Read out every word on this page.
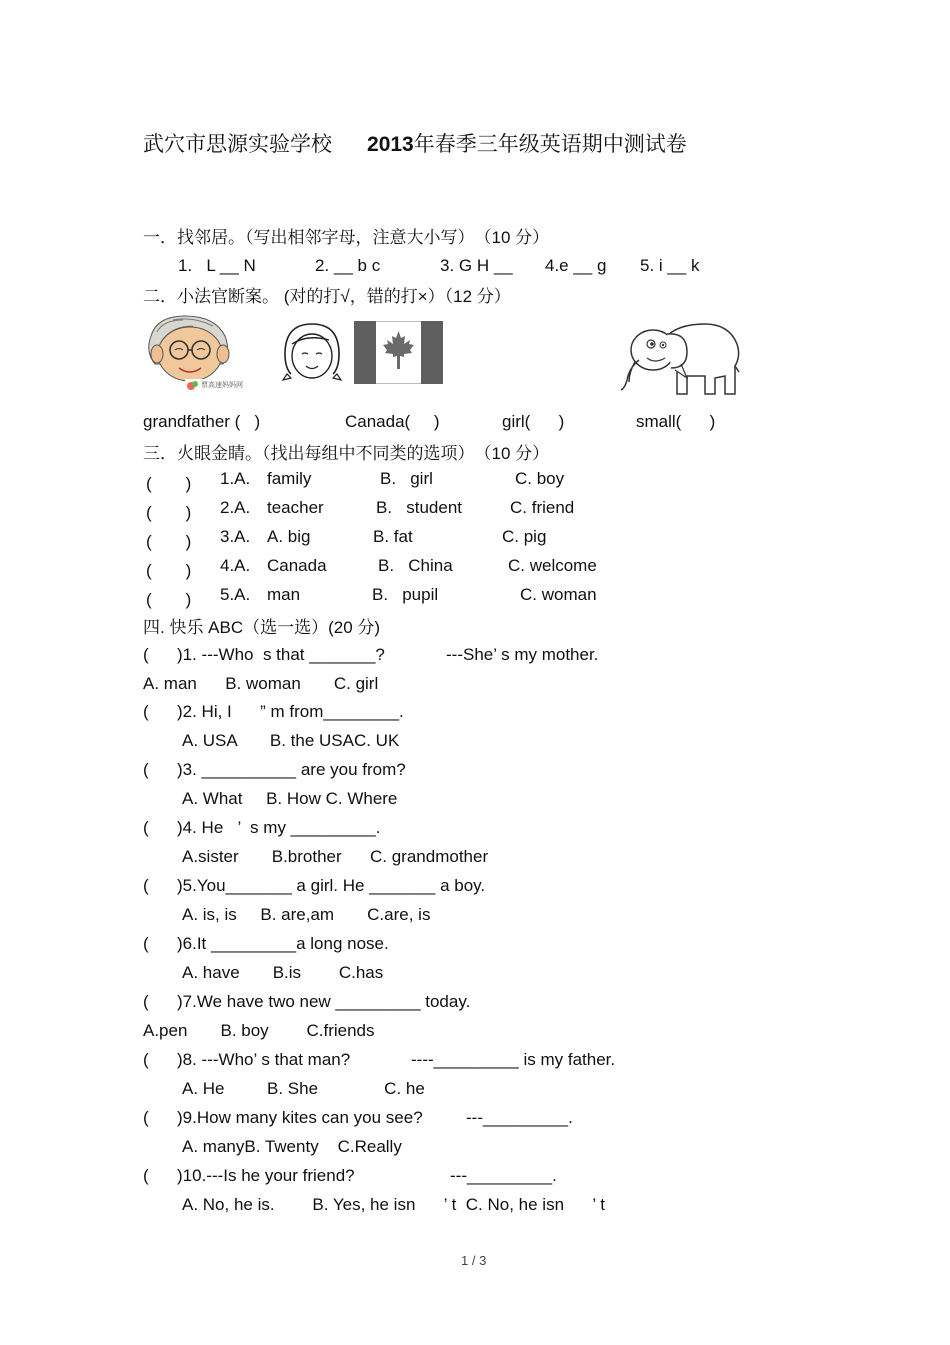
武穴市思源实验学校 2013年春季三年级英语期中测试卷
一．找邻居。（写出相邻字母，注意大小写）　（10 分）
1.   L __ N	2. __ b c	3. G H __ 4.e __ g 5. i __ k
二．小法官断案。 (对的打√，错的打×）（12 分）
票高速妈妈网
grandfather (   )	Canada(     )	girl(      )	small(      )
三．火眼金睛。（找出每组中不同类的选项）　（10 分）
(　　) 1.A. family	B.   girl	C. boy
(　　) 2.A. teacher	B.   student	C. friend
(　　) 3.A. A. big	B. fat	C. pig
(　　) 4.A. Canada	B.   China	C. welcome
(　　) 5.A. man	B.   pupil	C. woman
四. 快乐 ABC（选一选）(20 分)
(      )1. ---Who  s that _______?	---She’ s my mother.
A. man      B. woman       C. girl
(      )2. Hi, I      ” m from________.
A. USA       B. the USAC. UK
(      )3. __________ are you from?
A. What     B. How C. Where
(      )4. He   ’  s my _________.
A.sister       B.brother      C. grandmother
(      )5.You_______ a girl. He _______ a boy.
A. is, is     B. are,am       C.are, is
(      )6.It _________a long nose.
A. have       B.is        C.has
(      )7.We have two new _________ today.
A.pen       B. boy        C.friends
(      )8. ---Who’ s that man?	----_________ is my father.
A. He         B. She              C. he
(      )9.How many kites can you see?	---_________.
A. manyB. Twenty    C.Really
(      )10.---Is he your friend?	---_________.
A. No, he is.        B. Yes, he isn      ’ t  C. No, he isn      ’ t
1 / 3
